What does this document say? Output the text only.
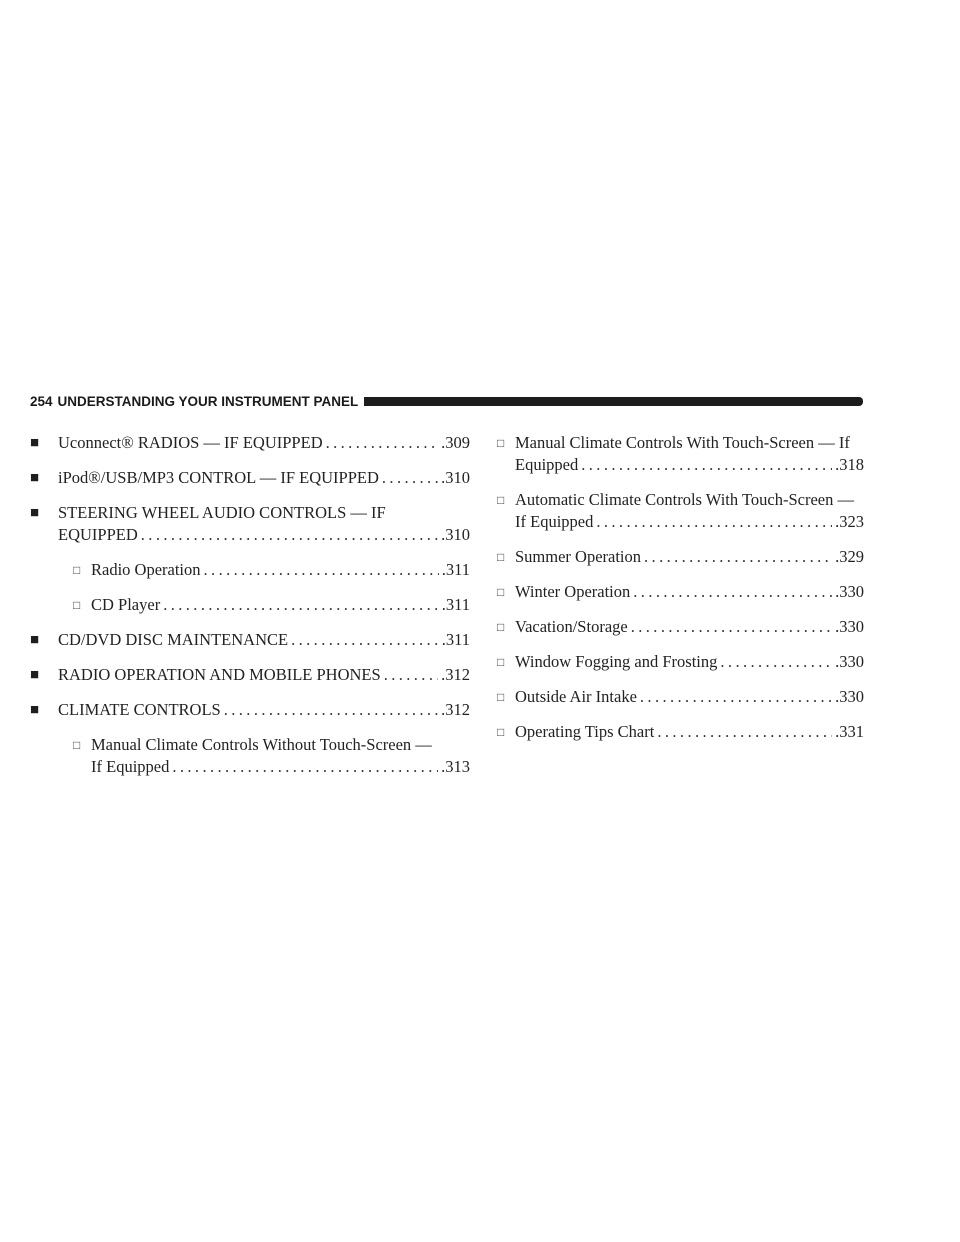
254 UNDERSTANDING YOUR INSTRUMENT PANEL
■ Uconnect® RADIOS — IF EQUIPPED .....	.309
■ iPod®/USB/MP3 CONTROL — IF EQUIPPED .....	.310
■ STEERING WHEEL AUDIO CONTROLS — IF
EQUIPPED .....	.310
□ Radio Operation .....	.311
□ CD Player .....	.311
■ CD/DVD DISC MAINTENANCE .....	.311
■ RADIO OPERATION AND MOBILE PHONES .....	.312
■ CLIMATE CONTROLS .....	.312
□ Manual Climate Controls Without Touch-Screen —
If Equipped .....	.313
□ Manual Climate Controls With Touch-Screen — If
Equipped .....	.318
□ Automatic Climate Controls With Touch-Screen —
If Equipped .....	.323
□ Summer Operation .....	.329
□ Winter Operation .....	.330
□ Vacation/Storage .....	.330
□ Window Fogging and Frosting .....	.330
□ Outside Air Intake .....	.330
□ Operating Tips Chart .....	.331
